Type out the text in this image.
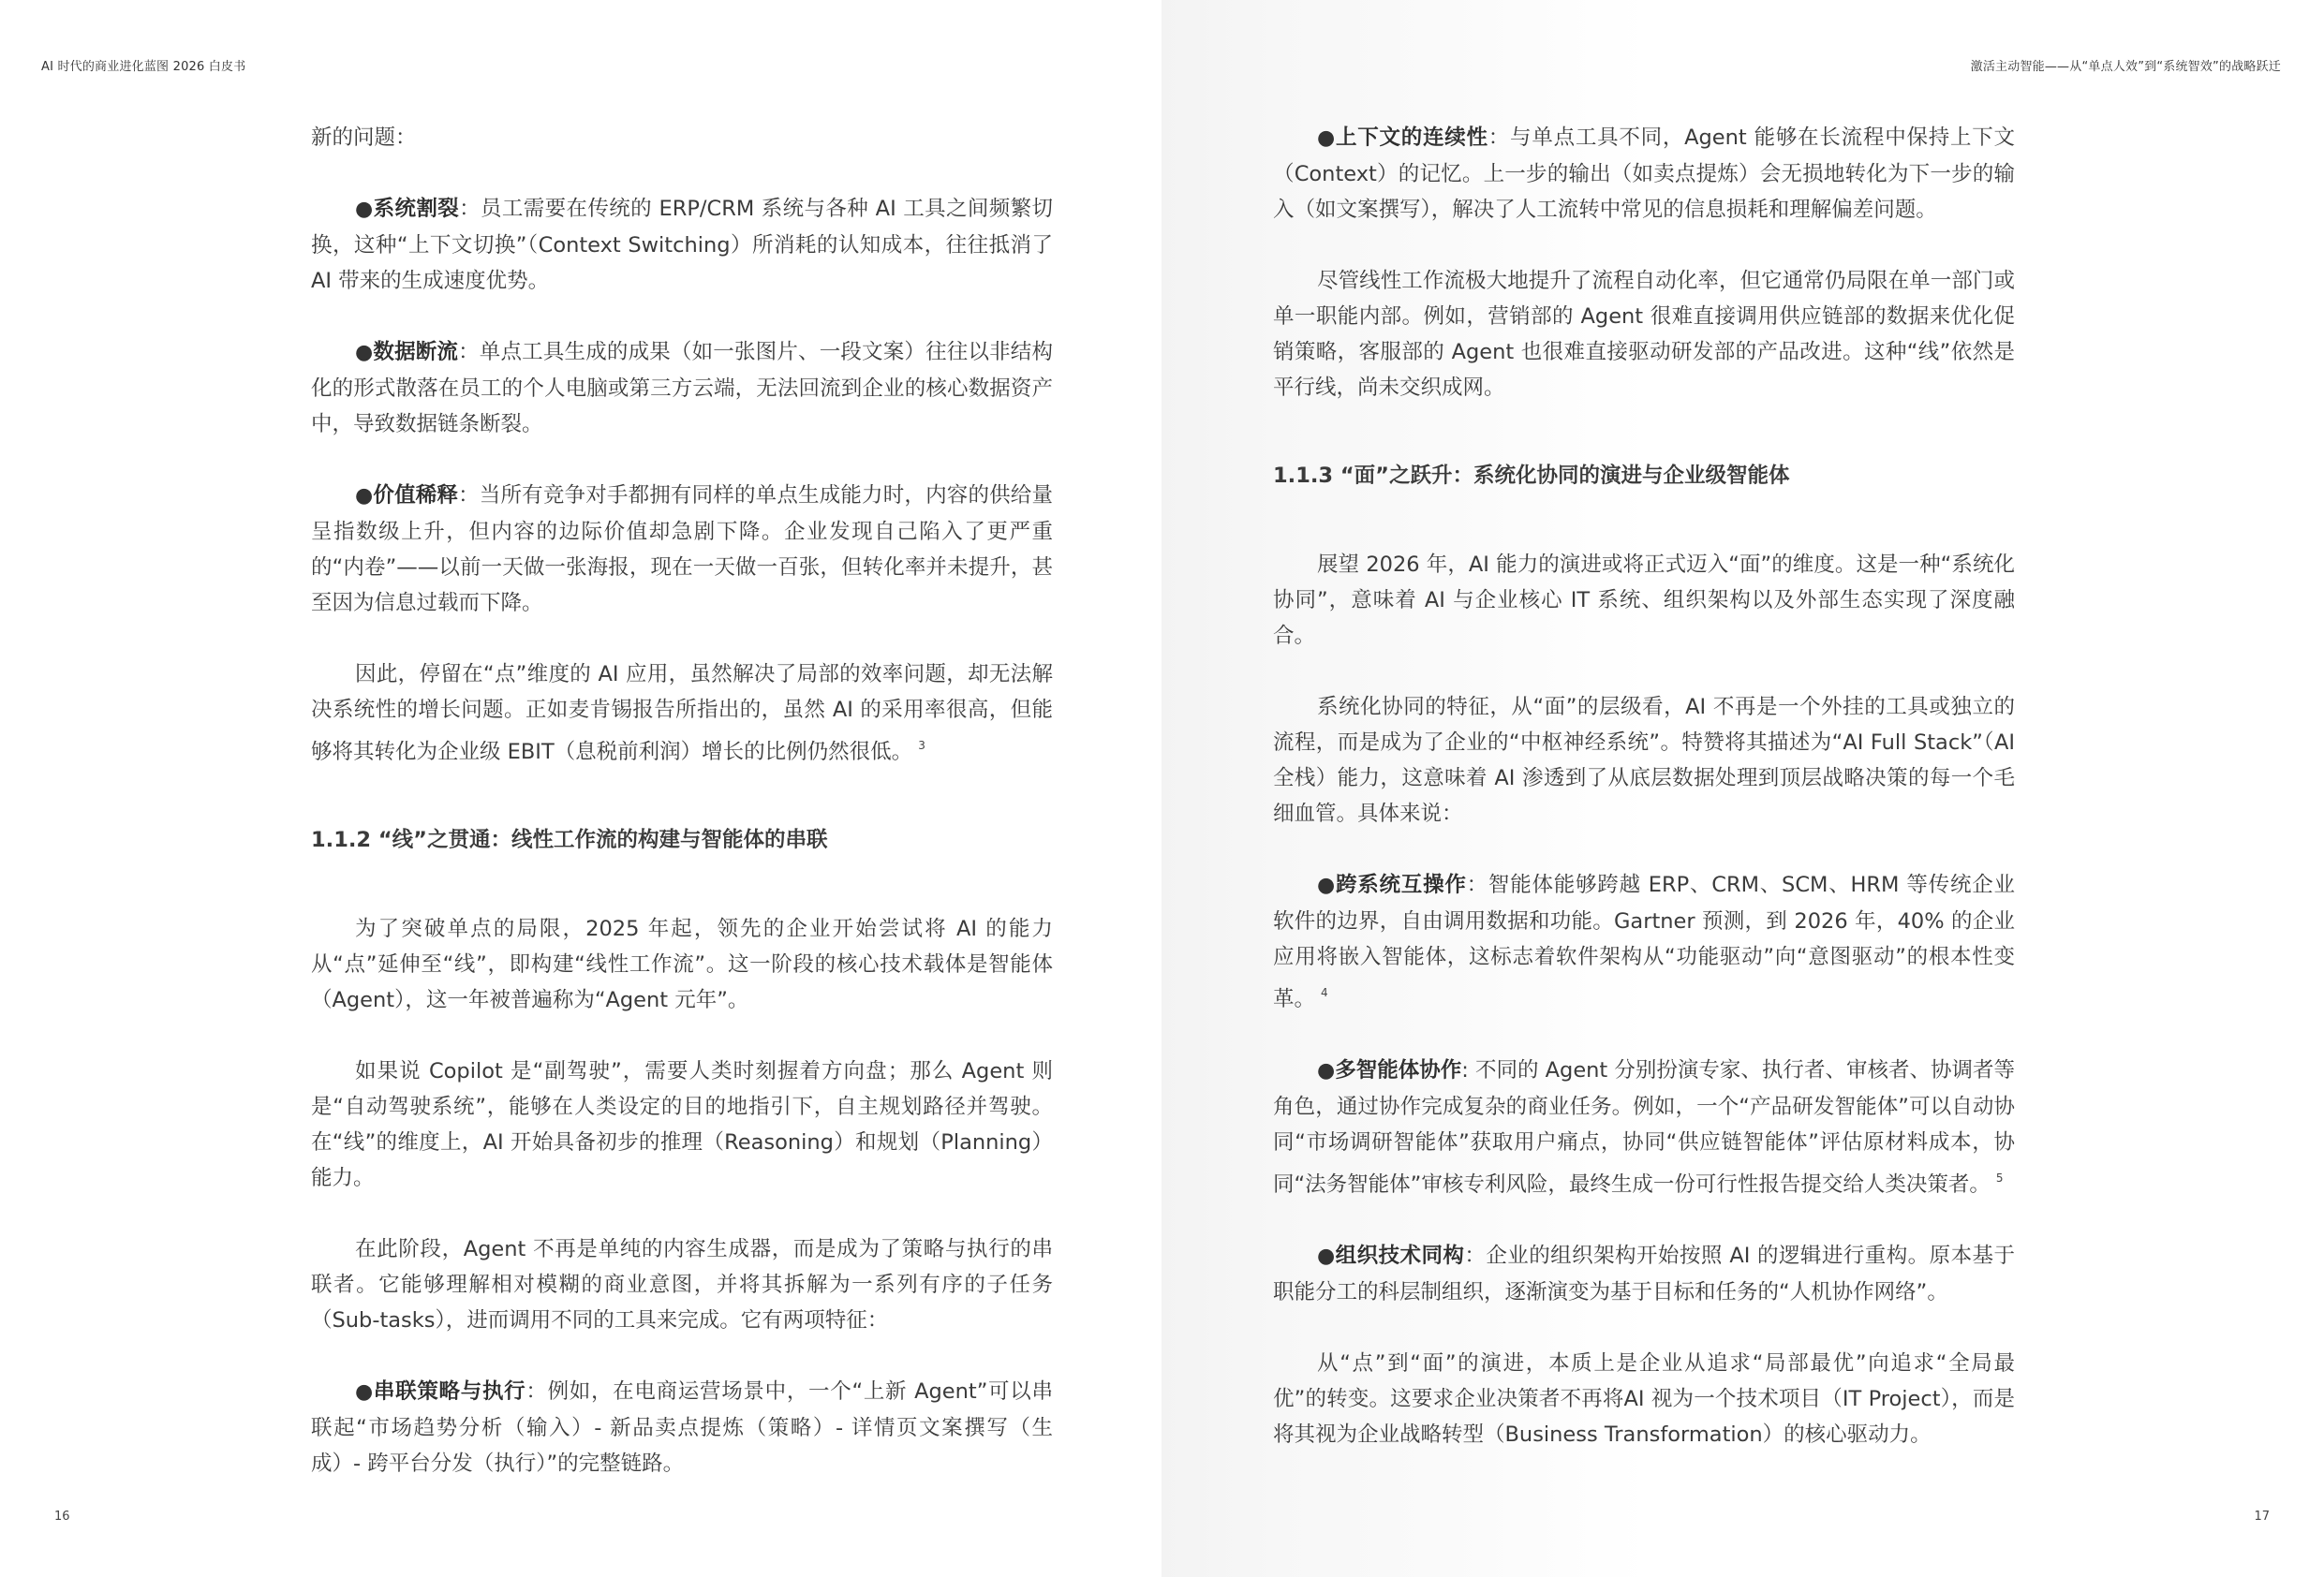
AI 时代的商业进化蓝图 2026 白皮书

新的问题：

●系统割裂：员工需要在传统的 ERP/CRM 系统与各种 AI 工具之间频繁切换，这种“上下文切换”（Context Switching）所消耗的认知成本，往往抵消了 AI 带来的生成速度优势。

●数据断流：单点工具生成的成果（如一张图片、一段文案）往往以非结构化的形式散落在员工的个人电脑或第三方云端，无法回流到企业的核心数据资产中，导致数据链条断裂。

●价值稀释：当所有竞争对手都拥有同样的单点生成能力时，内容的供给量呈指数级上升，但内容的边际价值却急剧下降。企业发现自己陷入了更严重的“内卷”——以前一天做一张海报，现在一天做一百张，但转化率并未提升，甚至因为信息过载而下降。

因此，停留在“点”维度的 AI 应用，虽然解决了局部的效率问题，却无法解决系统性的增长问题。正如麦肯锡报告所指出的，虽然 AI 的采用率很高，但能够将其转化为企业级 EBIT（息税前利润）增长的比例仍然很低。 $^3$

1.1.2 “线”之贯通：线性工作流的构建与智能体的串联

为了突破单点的局限，2025 年起，领先的企业开始尝试将 AI 的能力从“点”延伸至“线”，即构建“线性工作流”。这一阶段的核心技术载体是智能体（Agent），这一年被普遍称为“Agent 元年”。

如果说 Copilot 是“副驾驶”，需要人类时刻握着方向盘；那么 Agent 则是“自动驾驶系统”，能够在人类设定的目的地指引下，自主规划路径并驾驶。在“线”的维度上，AI 开始具备初步的推理（Reasoning）和规划（Planning）能力。

在此阶段，Agent 不再是单纯的内容生成器，而是成为了策略与执行的串联者。它能够理解相对模糊的商业意图，并将其拆解为一系列有序的子任务（Sub-tasks），进而调用不同的工具来完成。它有两项特征：

●串联策略与执行：例如，在电商运营场景中，一个“上新 Agent”可以串联起“市场趋势分析（输入）- 新品卖点提炼（策略）- 详情页文案撰写（生成）- 跨平台分发（执行）”的完整链路。

16
激活主动智能——从“单点人效”到“系统智效”的战略跃迁

●上下文的连续性：与单点工具不同，Agent 能够在长流程中保持上下文（Context）的记忆。上一步的输出（如卖点提炼）会无损地转化为下一步的输入（如文案撰写），解决了人工流转中常见的信息损耗和理解偏差问题。

尽管线性工作流极大地提升了流程自动化率，但它通常仍局限在单一部门或单一职能内部。例如，营销部的 Agent 很难直接调用供应链部的数据来优化促销策略，客服部的 Agent 也很难直接驱动研发部的产品改进。这种“线”依然是平行线，尚未交织成网。

1.1.3 “面”之跃升：系统化协同的演进与企业级智能体

展望 2026 年，AI 能力的演进或将正式迈入“面”的维度。这是一种“系统化协同”，意味着 AI 与企业核心 IT 系统、组织架构以及外部生态实现了深度融合。

系统化协同的特征，从“面”的层级看，AI 不再是一个外挂的工具或独立的流程，而是成为了企业的“中枢神经系统”。特赞将其描述为“AI Full Stack”（AI 全栈）能力，这意味着 AI 渗透到了从底层数据处理到顶层战略决策的每一个毛细血管。具体来说：

●跨系统互操作：智能体能够跨越 ERP、CRM、SCM、HRM 等传统企业软件的边界，自由调用数据和功能。Gartner 预测，到 2026 年，40% 的企业应用将嵌入智能体，这标志着软件架构从“功能驱动”向“意图驱动”的根本性变革。 $^4$

●多智能体协作: 不同的 Agent 分别扮演专家、执行者、审核者、协调者等角色，通过协作完成复杂的商业任务。例如，一个“产品研发智能体”可以自动协同“市场调研智能体”获取用户痛点，协同“供应链智能体”评估原材料成本，协同“法务智能体”审核专利风险，最终生成一份可行性报告提交给人类决策者。 $^5$

●组织技术同构：企业的组织架构开始按照 AI 的逻辑进行重构。原本基于职能分工的科层制组织，逐渐演变为基于目标和任务的“人机协作网络”。

从“点”到“面”的演进，本质上是企业从追求“局部最优”向追求“全局最优”的转变。这要求企业决策者不再将AI 视为一个技术项目（IT Project），而是将其视为企业战略转型（Business Transformation）的核心驱动力。

17
